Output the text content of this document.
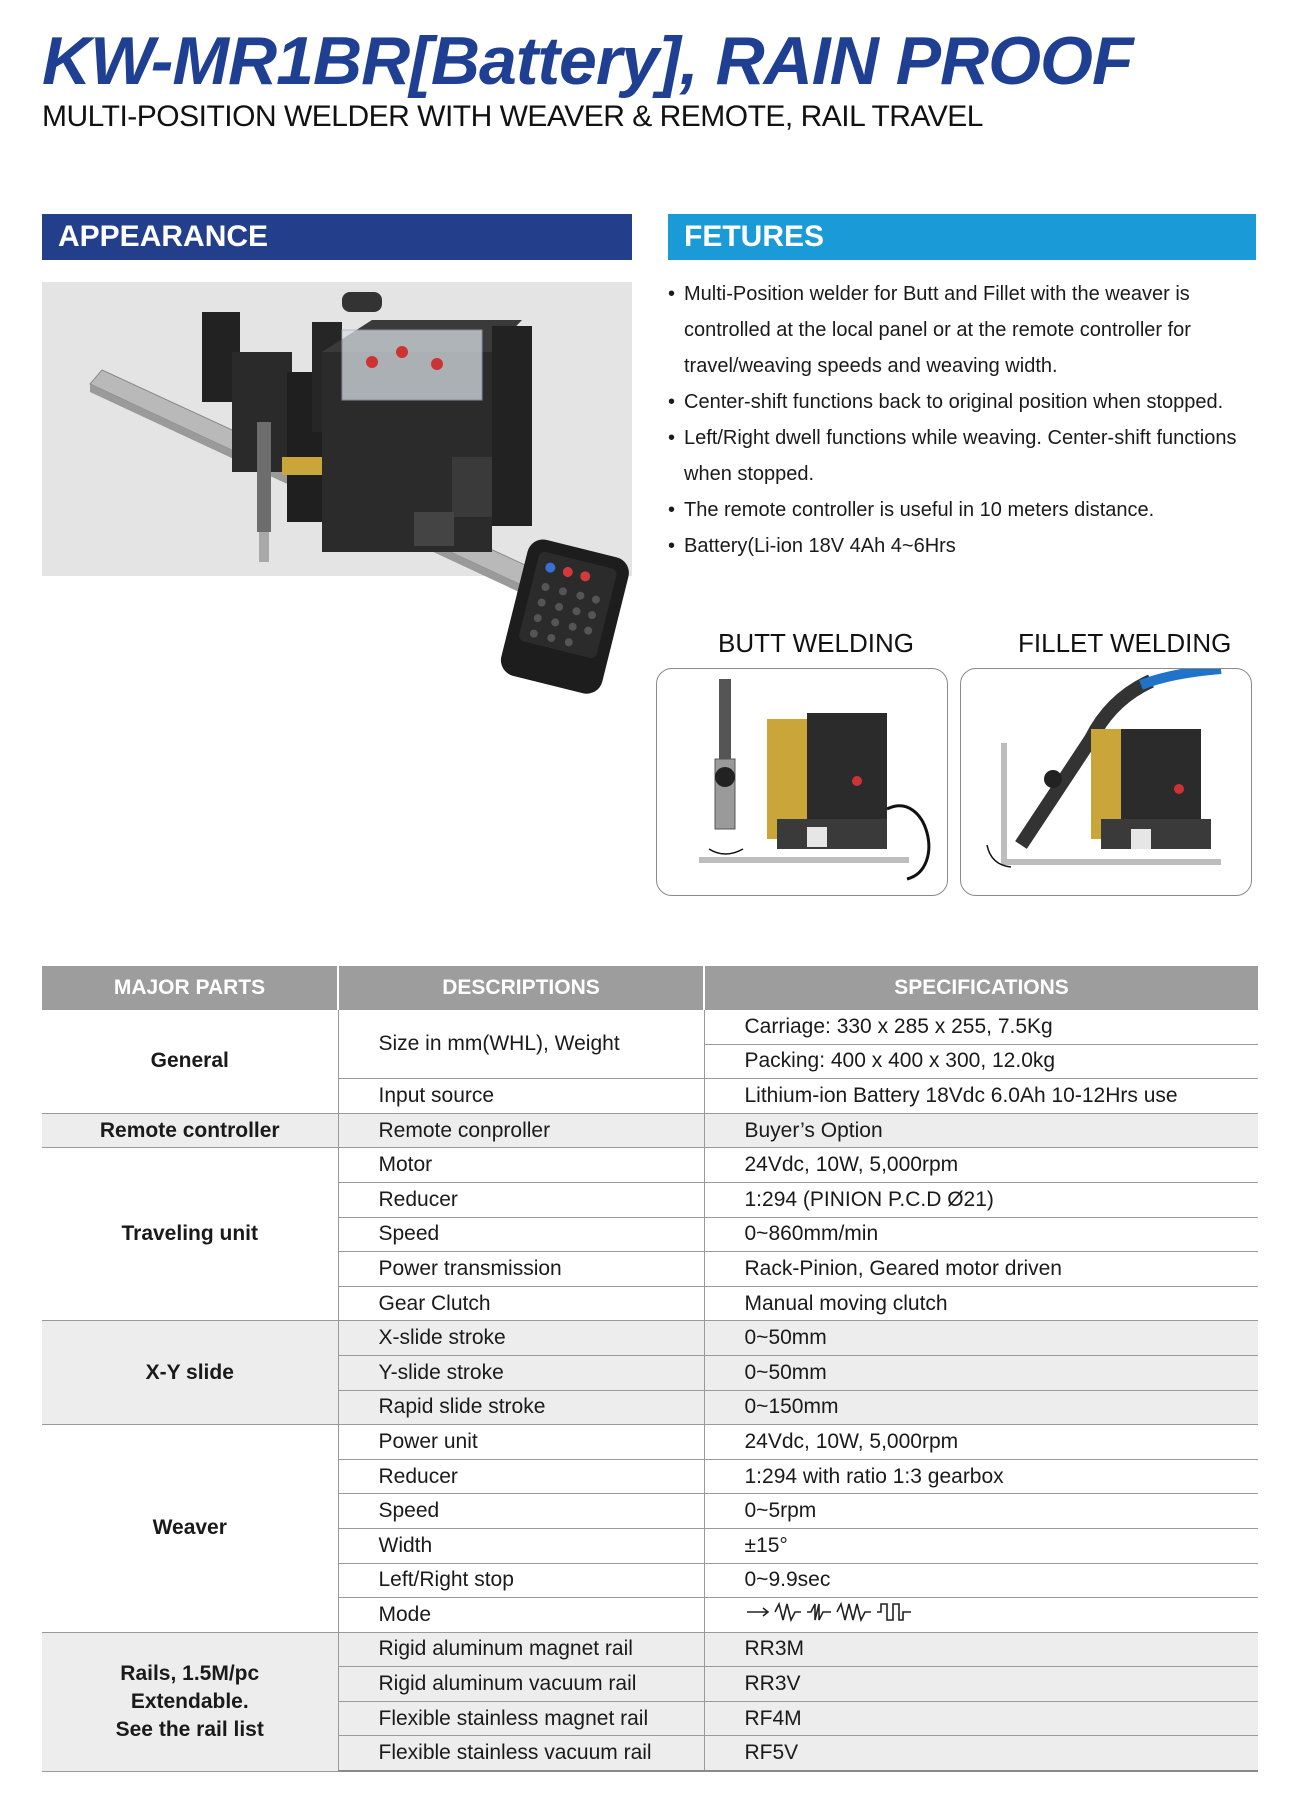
KW-MR1BR[Battery], RAIN PROOF
MULTI-POSITION WELDER WITH WEAVER & REMOTE, RAIL TRAVEL
APPEARANCE	FETURES
• Multi-Position welder for Butt and Fillet with the weaver is controlled at the local panel or at the remote controller for travel/weaving speeds and weaving width.
• Center-shift functions back to original position when stopped.
• Left/Right dwell functions while weaving. Center-shift functions when stopped.
• The remote controller is useful in 10 meters distance.
• Battery(Li-ion 18V 4Ah 4~6Hrs
BUTT WELDING	FILLET WELDING
MAJOR PARTS	DESCRIPTIONS	SPECIFICATIONS
General	Size in mm(WHL), Weight	Carriage: 330 x 285 x 255, 7.5Kg
		Packing: 400 x 400 x 300, 12.0kg
	Input source	Lithium-ion Battery 18Vdc 6.0Ah 10-12Hrs use
Remote controller	Remote conproller	Buyer’s Option
Traveling unit	Motor	24Vdc, 10W, 5,000rpm
	Reducer	1:294 (PINION P.C.D Ø21)
	Speed	0~860mm/min
	Power transmission	Rack-Pinion, Geared motor driven
	Gear Clutch	Manual moving clutch
X-Y slide	X-slide stroke	0~50mm
	Y-slide stroke	0~50mm
	Rapid slide stroke	0~150mm
Weaver	Power unit	24Vdc, 10W, 5,000rpm
	Reducer	1:294 with ratio 1:3 gearbox
	Speed	0~5rpm
	Width	±15°
	Left/Right stop	0~9.9sec
	Mode	
Rails, 1.5M/pc
Extendable.
See the rail list	Rigid aluminum magnet rail	RR3M
	Rigid aluminum vacuum rail	RR3V
	Flexible stainless magnet rail	RF4M
	Flexible stainless vacuum rail	RF5V
